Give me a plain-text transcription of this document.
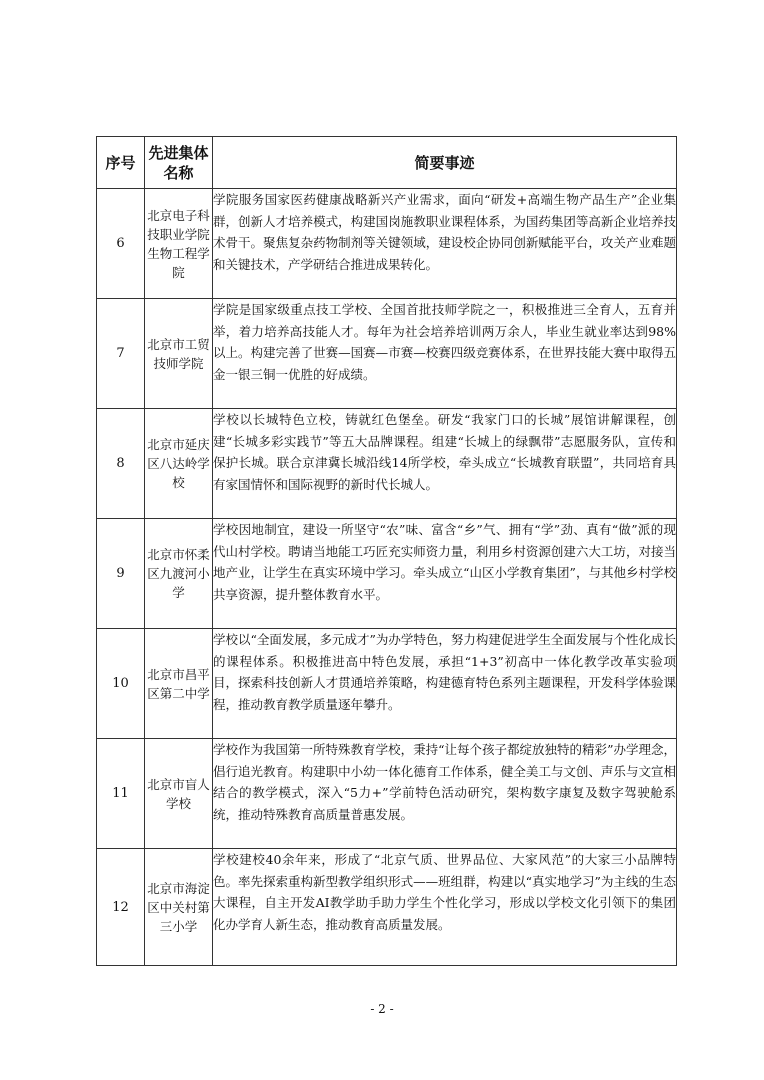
序号	先进集体名称	简要事迹
6	北京电子科技职业学院生物工程学院	学院服务国家医药健康战略新兴产业需求，面向“研发+高端生物产品生产”企业集群，创新人才培养模式，构建国岗施教职业课程体系，为国药集团等高新企业培养技术骨干。聚焦复杂药物制剂等关键领域，建设校企协同创新赋能平台，攻关产业难题和关键技术，产学研结合推进成果转化。
7	北京市工贸技师学院	学院是国家级重点技工学校、全国首批技师学院之一，积极推进三全育人，五育并举，着力培养高技能人才。每年为社会培养培训两万余人，毕业生就业率达到98%以上。构建完善了世赛—国赛—市赛—校赛四级竞赛体系，在世界技能大赛中取得五金一银三铜一优胜的好成绩。
8	北京市延庆区八达岭学校	学校以长城特色立校，铸就红色堡垒。研发“我家门口的长城”展馆讲解课程，创建“长城多彩实践节”等五大品牌课程。组建“长城上的绿飘带”志愿服务队，宣传和保护长城。联合京津冀长城沿线14所学校，牵头成立“长城教育联盟”，共同培育具有家国情怀和国际视野的新时代长城人。
9	北京市怀柔区九渡河小学	学校因地制宜，建设一所坚守“农”味、富含“乡”气、拥有“学”劲、真有“做”派的现代山村学校。聘请当地能工巧匠充实师资力量，利用乡村资源创建六大工坊，对接当地产业，让学生在真实环境中学习。牵头成立“山区小学教育集团”，与其他乡村学校共享资源，提升整体教育水平。
10	北京市昌平区第二中学	学校以“全面发展，多元成才”为办学特色，努力构建促进学生全面发展与个性化成长的课程体系。积极推进高中特色发展，承担“1+3”初高中一体化教学改革实验项目，探索科技创新人才贯通培养策略，构建德育特色系列主题课程，开发科学体验课程，推动教育教学质量逐年攀升。
11	北京市盲人学校	学校作为我国第一所特殊教育学校，秉持“让每个孩子都绽放独特的精彩”办学理念，倡行追光教育。构建职中小幼一体化德育工作体系，健全美工与文创、声乐与文宣相结合的教学模式，深入“5力+”学前特色活动研究，架构数字康复及数字驾驶舱系统，推动特殊教育高质量普惠发展。
12	北京市海淀区中关村第三小学	学校建校40余年来，形成了“北京气质、世界品位、大家风范”的大家三小品牌特色。率先探索重构新型教学组织形式——班组群，构建以“真实地学习”为主线的生态大课程，自主开发AI教学助手助力学生个性化学习，形成以学校文化引领下的集团化办学育人新生态，推动教育高质量发展。
- 2 -
